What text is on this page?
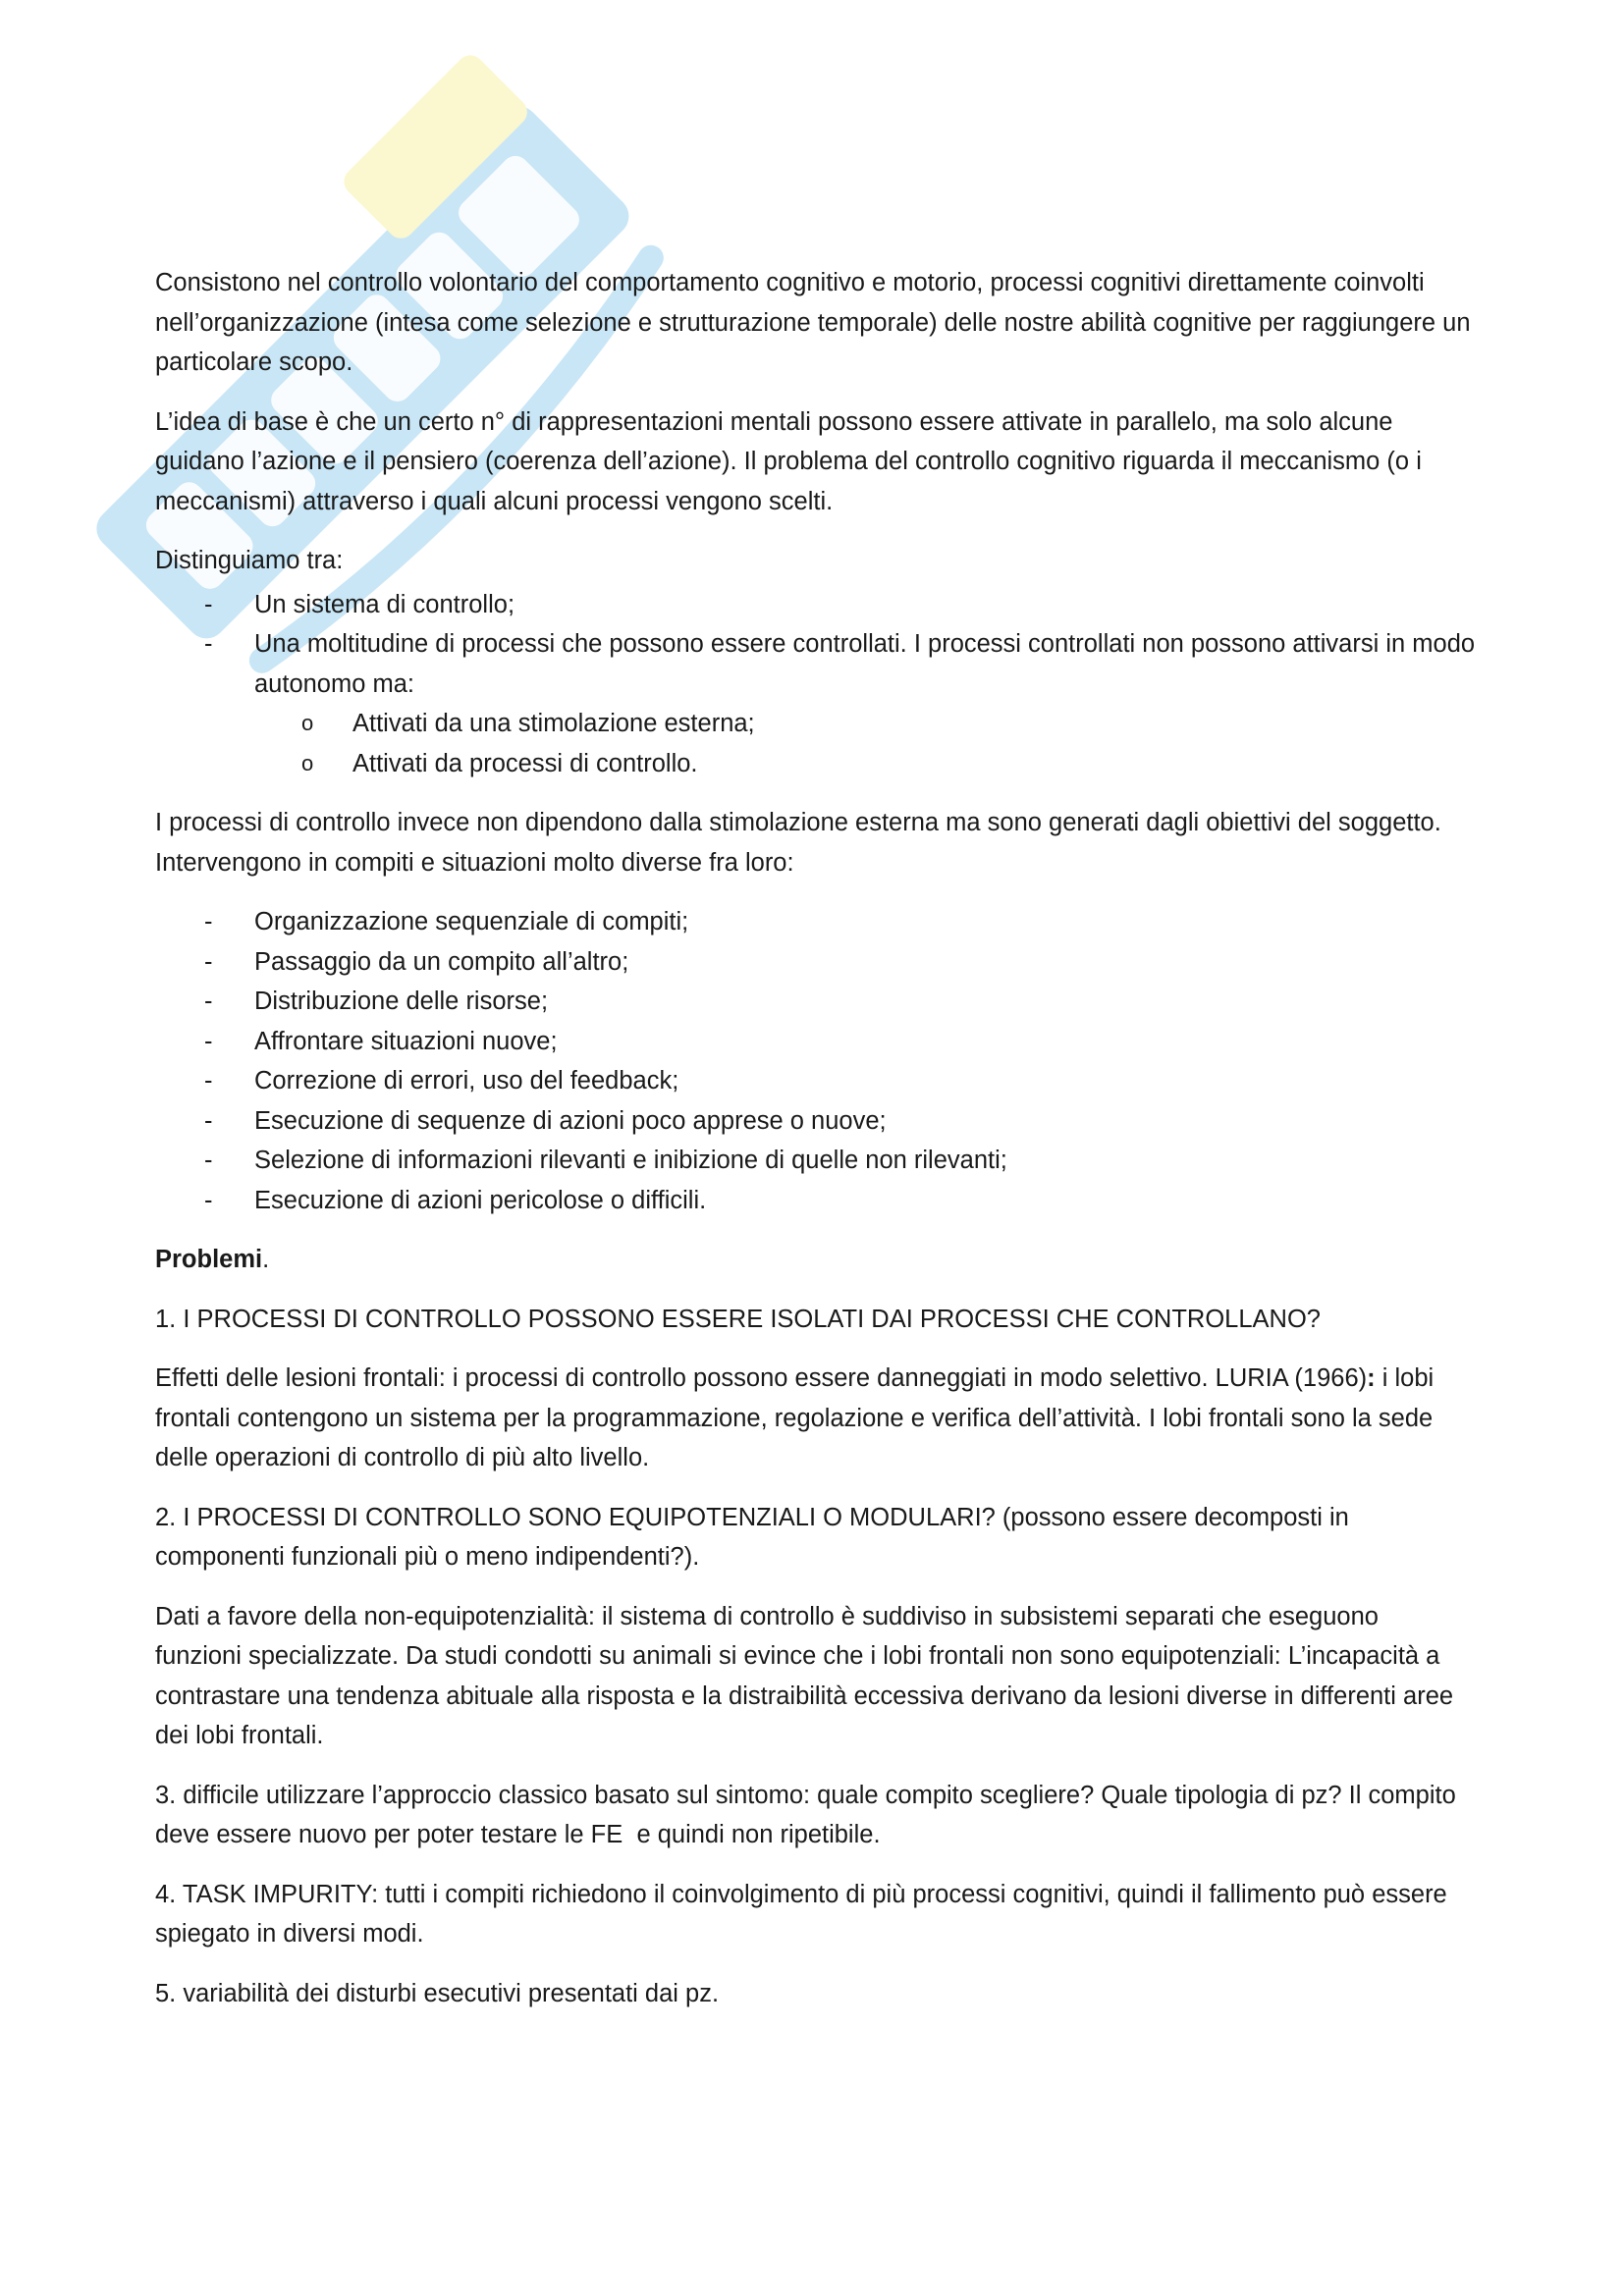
Consistono nel controllo volontario del comportamento cognitivo e motorio, processi cognitivi direttamente coinvolti nell’organizzazione (intesa come selezione e strutturazione temporale) delle nostre abilità cognitive per raggiungere un particolare scopo.

L’idea di base è che un certo n° di rappresentazioni mentali possono essere attivate in parallelo, ma solo alcune guidano l’azione e il pensiero (coerenza dell’azione). Il problema del controllo cognitivo riguarda il meccanismo (o i meccanismi) attraverso i quali alcuni processi vengono scelti.

Distinguiamo tra:

- Un sistema di controllo;
- Una moltitudine di processi che possono essere controllati. I processi controllati non possono attivarsi in modo autonomo ma:
o Attivati da una stimolazione esterna;
o Attivati da processi di controllo.

I processi di controllo invece non dipendono dalla stimolazione esterna ma sono generati dagli obiettivi del soggetto. Intervengono in compiti e situazioni molto diverse fra loro:

- Organizzazione sequenziale di compiti;
- Passaggio da un compito all’altro;
- Distribuzione delle risorse;
- Affrontare situazioni nuove;
- Correzione di errori, uso del feedback;
- Esecuzione di sequenze di azioni poco apprese o nuove;
- Selezione di informazioni rilevanti e inibizione di quelle non rilevanti;
- Esecuzione di azioni pericolose o difficili.

Problemi.

1. I PROCESSI DI CONTROLLO POSSONO ESSERE ISOLATI DAI PROCESSI CHE CONTROLLANO?

Effetti delle lesioni frontali: i processi di controllo possono essere danneggiati in modo selettivo. LURIA (1966): i lobi frontali contengono un sistema per la programmazione, regolazione e verifica dell’attività. I lobi frontali sono la sede delle operazioni di controllo di più alto livello.

2. I PROCESSI DI CONTROLLO SONO EQUIPOTENZIALI O MODULARI? (possono essere decomposti in componenti funzionali più o meno indipendenti?).

Dati a favore della non-equipotenzialità: il sistema di controllo è suddiviso in subsistemi separati che eseguono funzioni specializzate. Da studi condotti su animali si evince che i lobi frontali non sono equipotenziali: L’incapacità a contrastare una tendenza abituale alla risposta e la distraibilità eccessiva derivano da lesioni diverse in differenti aree dei lobi frontali.

3. difficile utilizzare l’approccio classico basato sul sintomo: quale compito scegliere? Quale tipologia di pz? Il compito deve essere nuovo per poter testare le FE  e quindi non ripetibile.

4. TASK IMPURITY: tutti i compiti richiedono il coinvolgimento di più processi cognitivi, quindi il fallimento può essere spiegato in diversi modi.

5. variabilità dei disturbi esecutivi presentati dai pz.
